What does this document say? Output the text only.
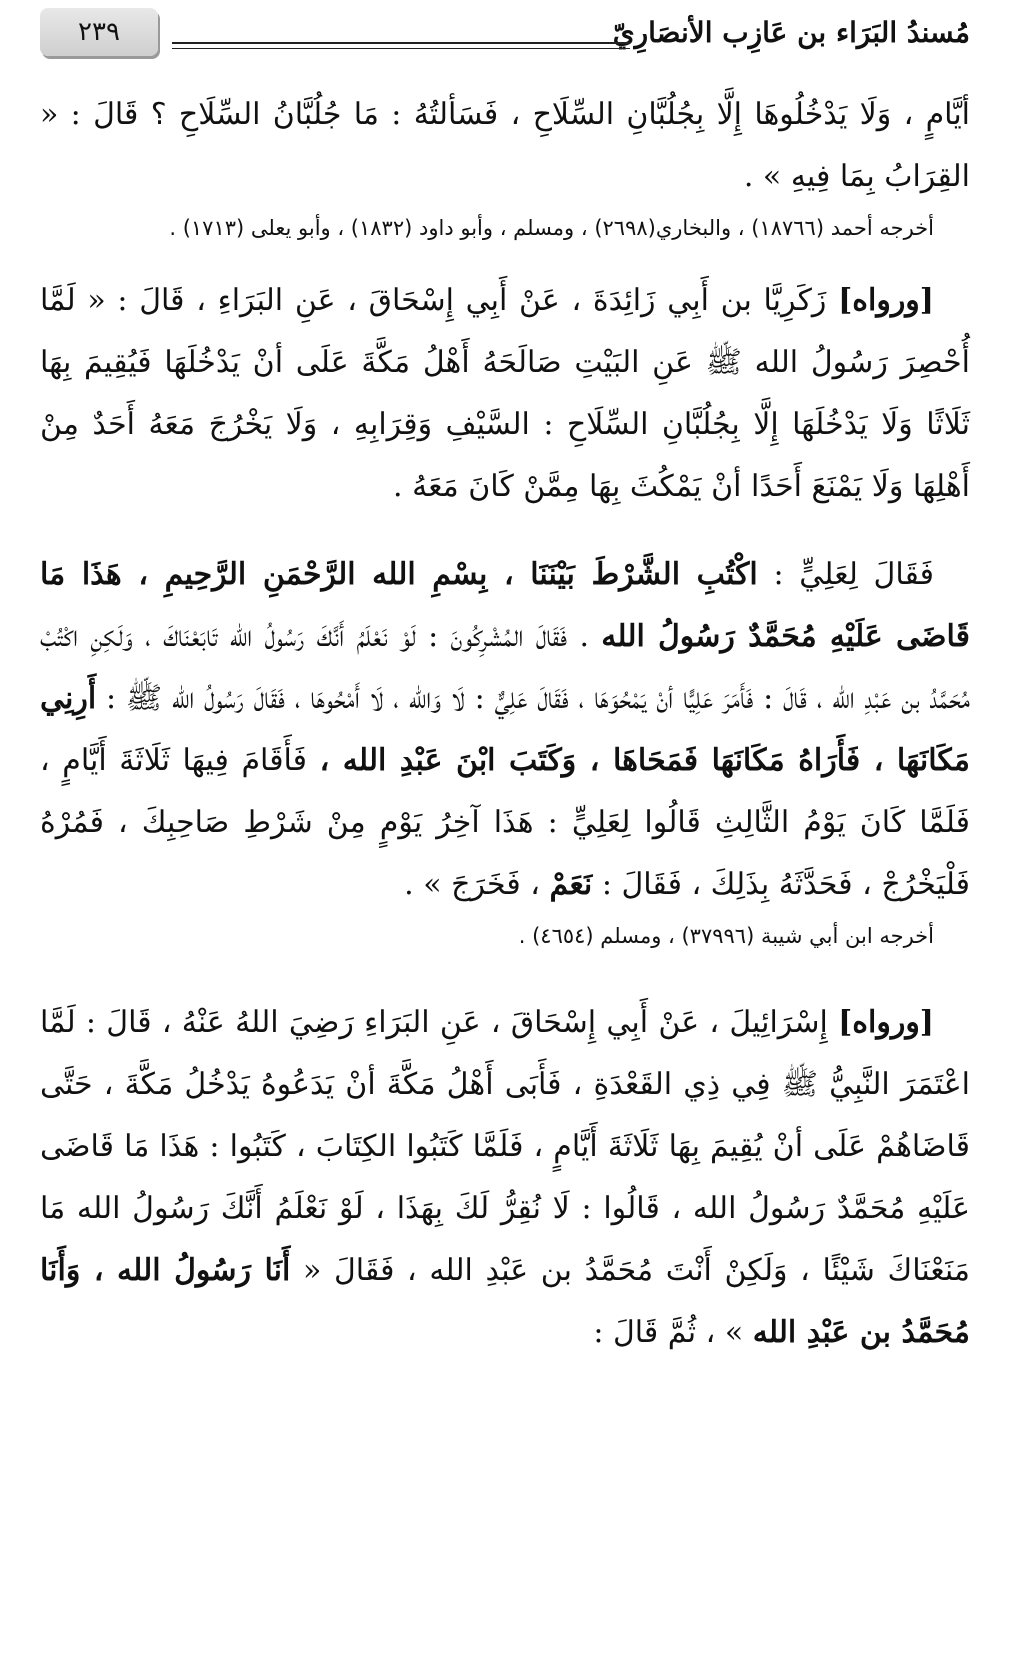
مُسندُ البَرَاء بن عَازِب الأنصَارِيّ
٢٣٩

أيَّامٍ ، وَلَا يَدْخُلُوهَا إِلَّا بِجُلُبَّانِ السِّلَاحِ ، فَسَألتُهُ : مَا جُلُبَّانُ السِّلَاحِ ؟ قَالَ : « القِرَابُ بِمَا فِيهِ » .

أخرجه أحمد (١٨٧٦٦) ، والبخاري(٢٦٩٨) ، ومسلم ، وأبو داود (١٨٣٢) ، وأبو يعلى (١٧١٣) .

[ورواه] زَكَرِيَّا بن أَبِي زَائِدَةَ ، عَنْ أَبِي إِسْحَاقَ ، عَنِ البَرَاءِ ، قَالَ : « لَمَّا أُحْصِرَ رَسُولُ الله ﷺ عَنِ البَيْتِ صَالَحَهُ أَهْلُ مَكَّةَ عَلَى أنْ يَدْخُلَهَا فَيُقِيمَ بِهَا ثَلَاثًا وَلَا يَدْخُلَهَا إِلَّا بِجُلُبَّانِ السِّلَاحِ : السَّيْفِ وَقِرَابِهِ ، وَلَا يَخْرُجَ مَعَهُ أَحَدٌ مِنْ أَهْلِهَا وَلَا يَمْنَعَ أَحَدًا أنْ يَمْكُثَ بِهَا مِمَّنْ كَانَ مَعَهُ .

فَقَالَ لِعَلِيٍّ : اكْتُبِ الشَّرْطَ بَيْنَنَا ، بِسْمِ الله الرَّحْمَنِ الرَّحِيمِ ، هَذَا مَا قَاضَى عَلَيْهِ مُحَمَّدٌ رَسُولُ الله . فَقَالَ المُشْرِكُونَ : لَوْ نَعْلَمُ أَنَّكَ رَسُولُ الله تَابَعْنَاكَ ، وَلَكِنِ اكْتُبْ مُحَمَّدُ بن عَبْدِ الله ، قَالَ : فَأَمَرَ عَلِيًّا أنْ يَمْحُوَهَا ، فَقَالَ عَلِيٌّ : لَا وَالله ، لَا أَمْحُوهَا ، فَقَالَ رَسُولُ الله ﷺ : أَرِنِي مَكَانَهَا ، فَأَرَاهُ مَكَانَهَا فَمَحَاهَا ، وَكَتَبَ ابْنَ عَبْدِ الله ، فَأَقَامَ فِيهَا ثَلَاثَةَ أَيَّامٍ ، فَلَمَّا كَانَ يَوْمُ الثَّالِثِ قَالُوا لِعَلِيٍّ : هَذَا آخِرُ يَوْمٍ مِنْ شَرْطِ صَاحِبِكَ ، فَمُرْهُ فَلْيَخْرُجْ ، فَحَدَّثَهُ بِذَلِكَ ، فَقَالَ : نَعَمْ ، فَخَرَجَ » .

أخرجه ابن أبي شيبة (٣٧٩٩٦) ، ومسلم (٤٦٥٤) .

[ورواه] إِسْرَائِيلَ ، عَنْ أَبِي إِسْحَاقَ ، عَنِ البَرَاءِ رَضِيَ اللهُ عَنْهُ ، قَالَ : لَمَّا اعْتَمَرَ النَّبِيُّ ﷺ فِي ذِي القَعْدَةِ ، فَأَبَى أَهْلُ مَكَّةَ أنْ يَدَعُوهُ يَدْخُلُ مَكَّةَ ، حَتَّى قَاضَاهُمْ عَلَى أنْ يُقِيمَ بِهَا ثَلَاثَةَ أَيَّامٍ ، فَلَمَّا كَتَبُوا الكِتَابَ ، كَتَبُوا : هَذَا مَا قَاضَى عَلَيْهِ مُحَمَّدٌ رَسُولُ الله ، قَالُوا : لَا نُقِرُّ لَكَ بِهَذَا ، لَوْ نَعْلَمُ أَنَّكَ رَسُولُ الله مَا مَنَعْنَاكَ شَيْئًا ، وَلَكِنْ أَنْتَ مُحَمَّدُ بن عَبْدِ الله ، فَقَالَ « أَنَا رَسُولُ الله ، وَأَنَا مُحَمَّدُ بن عَبْدِ الله » ، ثُمَّ قَالَ :
